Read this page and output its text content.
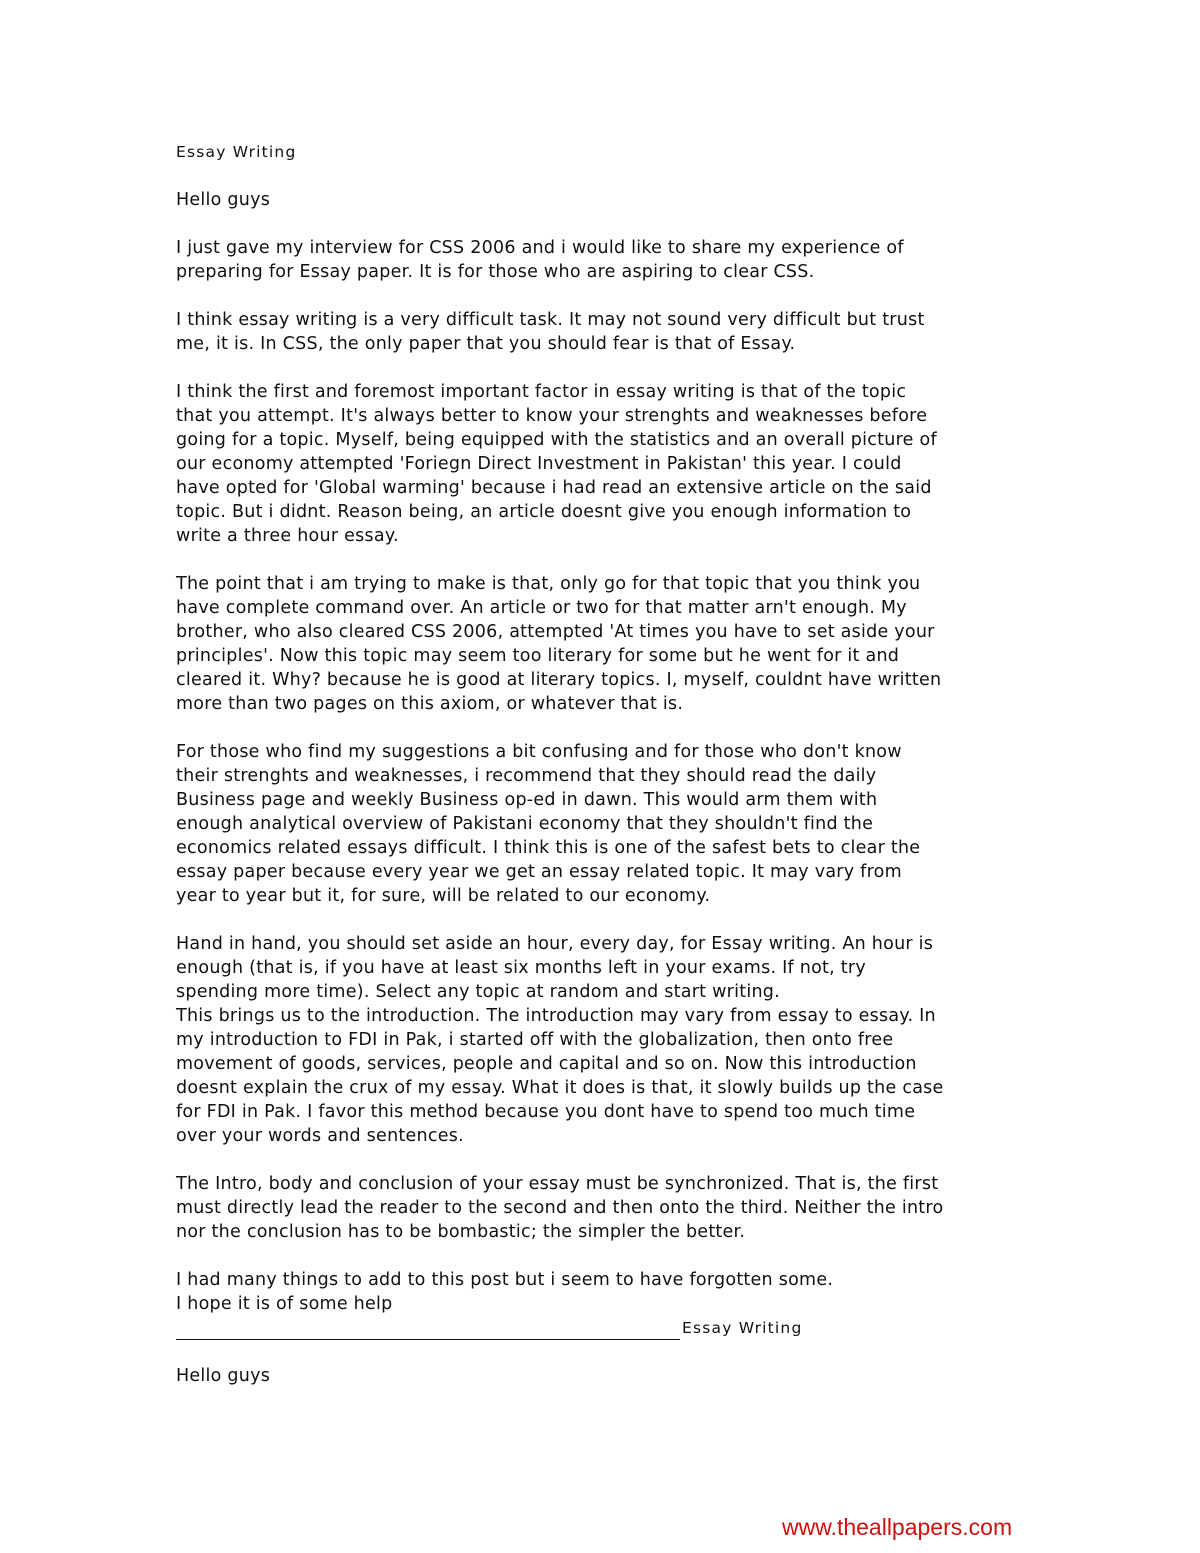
Essay Writing
Hello guys
I just gave my interview for CSS 2006 and i would like to share my experience of
preparing for Essay paper. It is for those who are aspiring to clear CSS.
I think essay writing is a very difficult task. It may not sound very difficult but trust
me, it is. In CSS, the only paper that you should fear is that of Essay.
I think the first and foremost important factor in essay writing is that of the topic
that you attempt. It's always better to know your strenghts and weaknesses before
going for a topic. Myself, being equipped with the statistics and an overall picture of
our economy attempted 'Foriegn Direct Investment in Pakistan' this year. I could
have opted for 'Global warming' because i had read an extensive article on the said
topic. But i didnt. Reason being, an article doesnt give you enough information to
write a three hour essay.
The point that i am trying to make is that, only go for that topic that you think you
have complete command over. An article or two for that matter arn't enough. My
brother, who also cleared CSS 2006, attempted 'At times you have to set aside your
principles'. Now this topic may seem too literary for some but he went for it and
cleared it. Why? because he is good at literary topics. I, myself, couldnt have written
more than two pages on this axiom, or whatever that is.
For those who find my suggestions a bit confusing and for those who don't know
their strenghts and weaknesses, i recommend that they should read the daily
Business page and weekly Business op-ed in dawn. This would arm them with
enough analytical overview of Pakistani economy that they shouldn't find the
economics related essays difficult. I think this is one of the safest bets to clear the
essay paper because every year we get an essay related topic. It may vary from
year to year but it, for sure, will be related to our economy.
Hand in hand, you should set aside an hour, every day, for Essay writing. An hour is
enough (that is, if you have at least six months left in your exams. If not, try
spending more time). Select any topic at random and start writing.
This brings us to the introduction. The introduction may vary from essay to essay. In
my introduction to FDI in Pak, i started off with the globalization, then onto free
movement of goods, services, people and capital and so on. Now this introduction
doesnt explain the crux of my essay. What it does is that, it slowly builds up the case
for FDI in Pak. I favor this method because you dont have to spend too much time
over your words and sentences.
The Intro, body and conclusion of your essay must be synchronized. That is, the first
must directly lead the reader to the second and then onto the third. Neither the intro
nor the conclusion has to be bombastic; the simpler the better.
I had many things to add to this post but i seem to have forgotten some.
I hope it is of some help
Essay Writing
Hello guys
www.theallpapers.com
